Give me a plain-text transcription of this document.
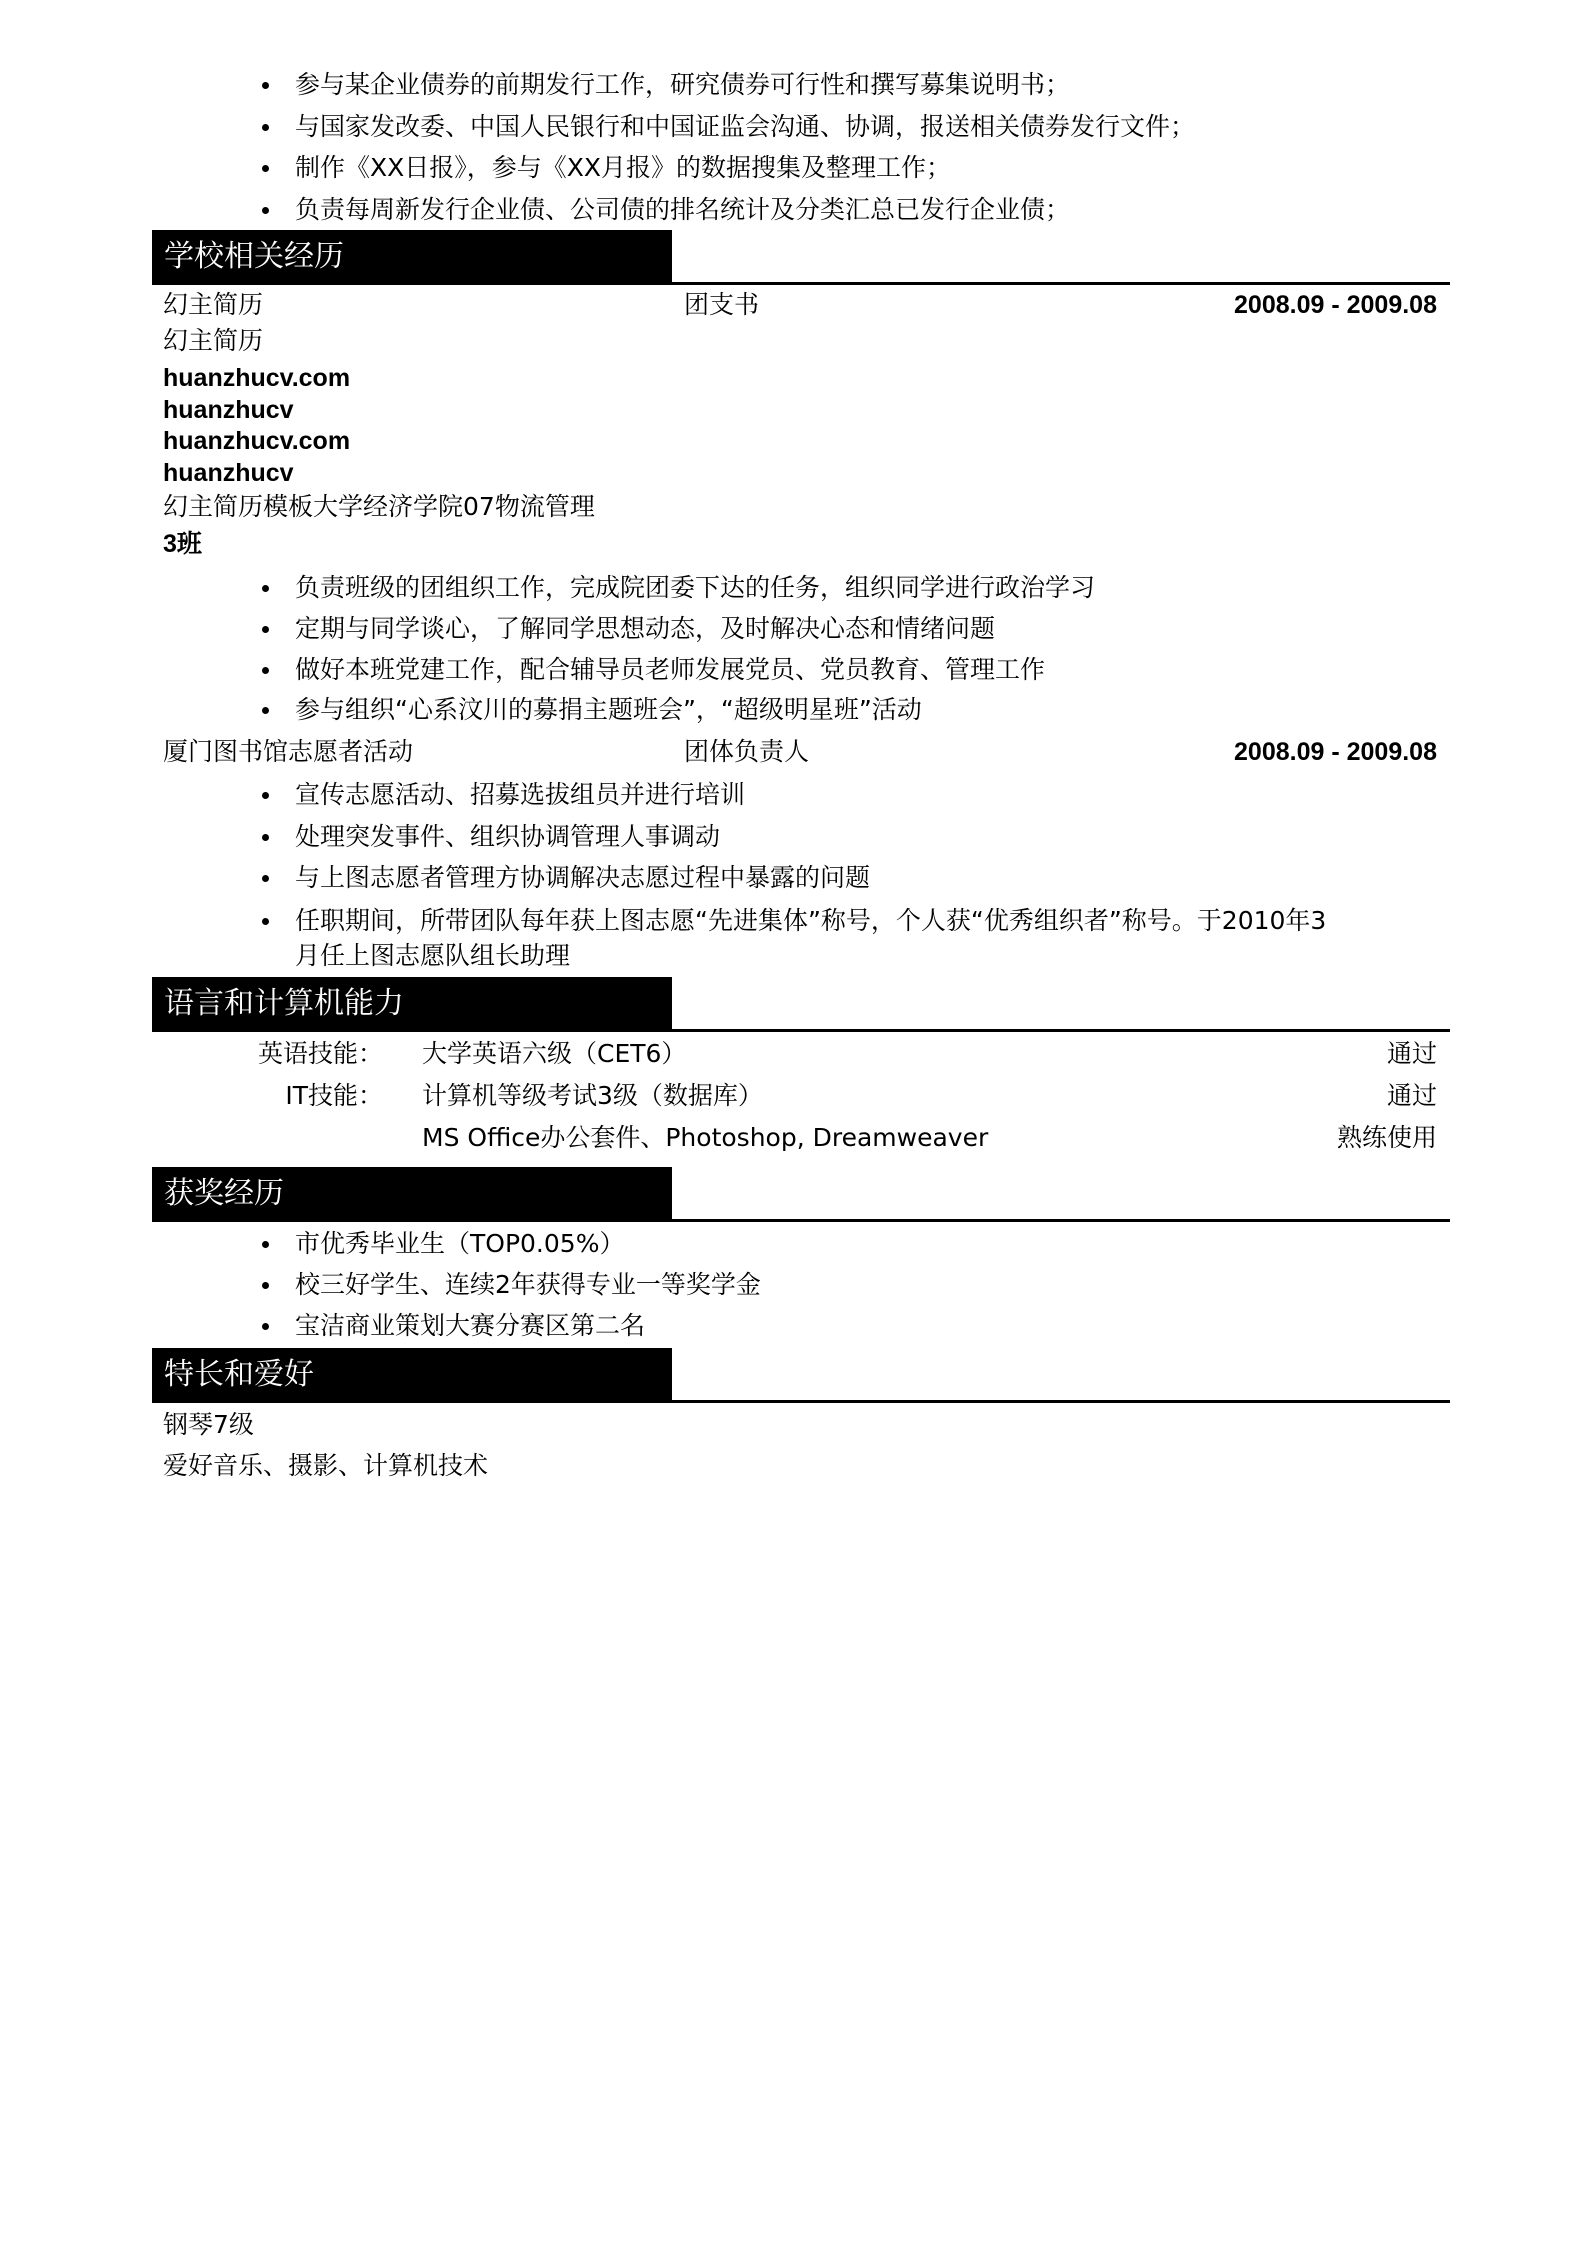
参与某企业债券的前期发行工作，研究债券可行性和撰写募集说明书；
与国家发改委、中国人民银行和中国证监会沟通、协调，报送相关债券发行文件；
制作《XX日报》，参与《XX月报》的数据搜集及整理工作；
负责每周新发行企业债、公司债的排名统计及分类汇总已发行企业债；
学校相关经历
幻主简历	团支书	2008.09 - 2009.08
幻主简历
huanzhucv.com
huanzhucv
huanzhucv.com
huanzhucv
幻主简历模板大学经济学院07物流管理
3班
负责班级的团组织工作，完成院团委下达的任务，组织同学进行政治学习
定期与同学谈心，了解同学思想动态，及时解决心态和情绪问题
做好本班党建工作，配合辅导员老师发展党员、党员教育、管理工作
参与组织“心系汶川的募捐主题班会”，“超级明星班”活动
厦门图书馆志愿者活动	团体负责人	2008.09 - 2009.08
宣传志愿活动、招募选拔组员并进行培训
处理突发事件、组织协调管理人事调动
与上图志愿者管理方协调解决志愿过程中暴露的问题
任职期间，所带团队每年获上图志愿“先进集体”称号，个人获“优秀组织者”称号。于2010年3
月任上图志愿队组长助理
语言和计算机能力
英语技能： 大学英语六级（CET6）	通过
IT技能： 计算机等级考试3级（数据库）	通过
MS Office办公套件、Photoshop, Dreamweaver	熟练使用
获奖经历
市优秀毕业生（TOP0.05%）
校三好学生、连续2年获得专业一等奖学金
宝洁商业策划大赛分赛区第二名
特长和爱好
钢琴7级
爱好音乐、摄影、计算机技术
